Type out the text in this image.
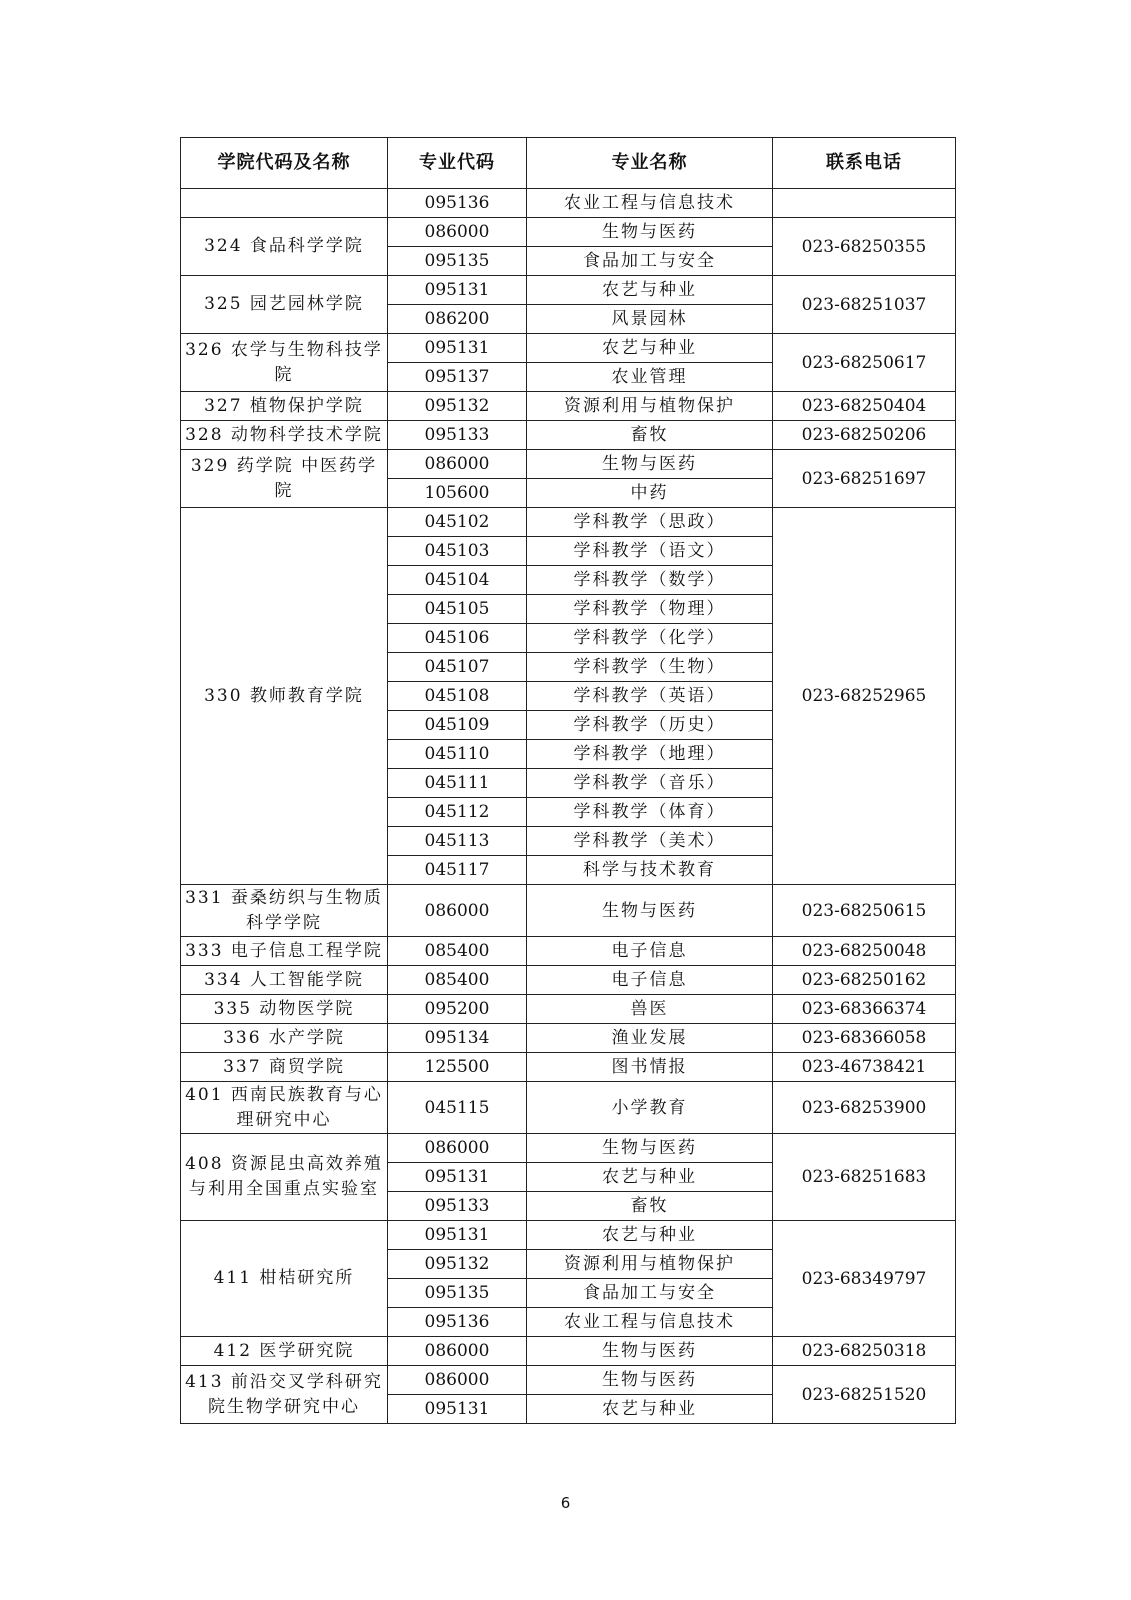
学院代码及名称	专业代码	专业名称	联系电话
	095136	农业工程与信息技术	
324 食品科学学院	086000	生物与医药	023-68250355
	095135	食品加工与安全	
325 园艺园林学院	095131	农艺与种业	023-68251037
	086200	风景园林	
326 农学与生物科技学院	095131	农艺与种业	023-68250617
	095137	农业管理	
327 植物保护学院	095132	资源利用与植物保护	023-68250404
328 动物科学技术学院	095133	畜牧	023-68250206
329 药学院 中医药学院	086000	生物与医药	023-68251697
	105600	中药	
330 教师教育学院	045102	学科教学（思政）	023-68252965
	045103	学科教学（语文）	
	045104	学科教学（数学）	
	045105	学科教学（物理）	
	045106	学科教学（化学）	
	045107	学科教学（生物）	
	045108	学科教学（英语）	
	045109	学科教学（历史）	
	045110	学科教学（地理）	
	045111	学科教学（音乐）	
	045112	学科教学（体育）	
	045113	学科教学（美术）	
	045117	科学与技术教育	
331 蚕桑纺织与生物质科学学院	086000	生物与医药	023-68250615
333 电子信息工程学院	085400	电子信息	023-68250048
334 人工智能学院	085400	电子信息	023-68250162
335 动物医学院	095200	兽医	023-68366374
336 水产学院	095134	渔业发展	023-68366058
337 商贸学院	125500	图书情报	023-46738421
401 西南民族教育与心理研究中心	045115	小学教育	023-68253900
408 资源昆虫高效养殖与利用全国重点实验室	086000	生物与医药	023-68251683
	095131	农艺与种业	
	095133	畜牧	
411 柑桔研究所	095131	农艺与种业	023-68349797
	095132	资源利用与植物保护	
	095135	食品加工与安全	
	095136	农业工程与信息技术	
412 医学研究院	086000	生物与医药	023-68250318
413 前沿交叉学科研究院生物学研究中心	086000	生物与医药	023-68251520
	095131	农艺与种业	
6
